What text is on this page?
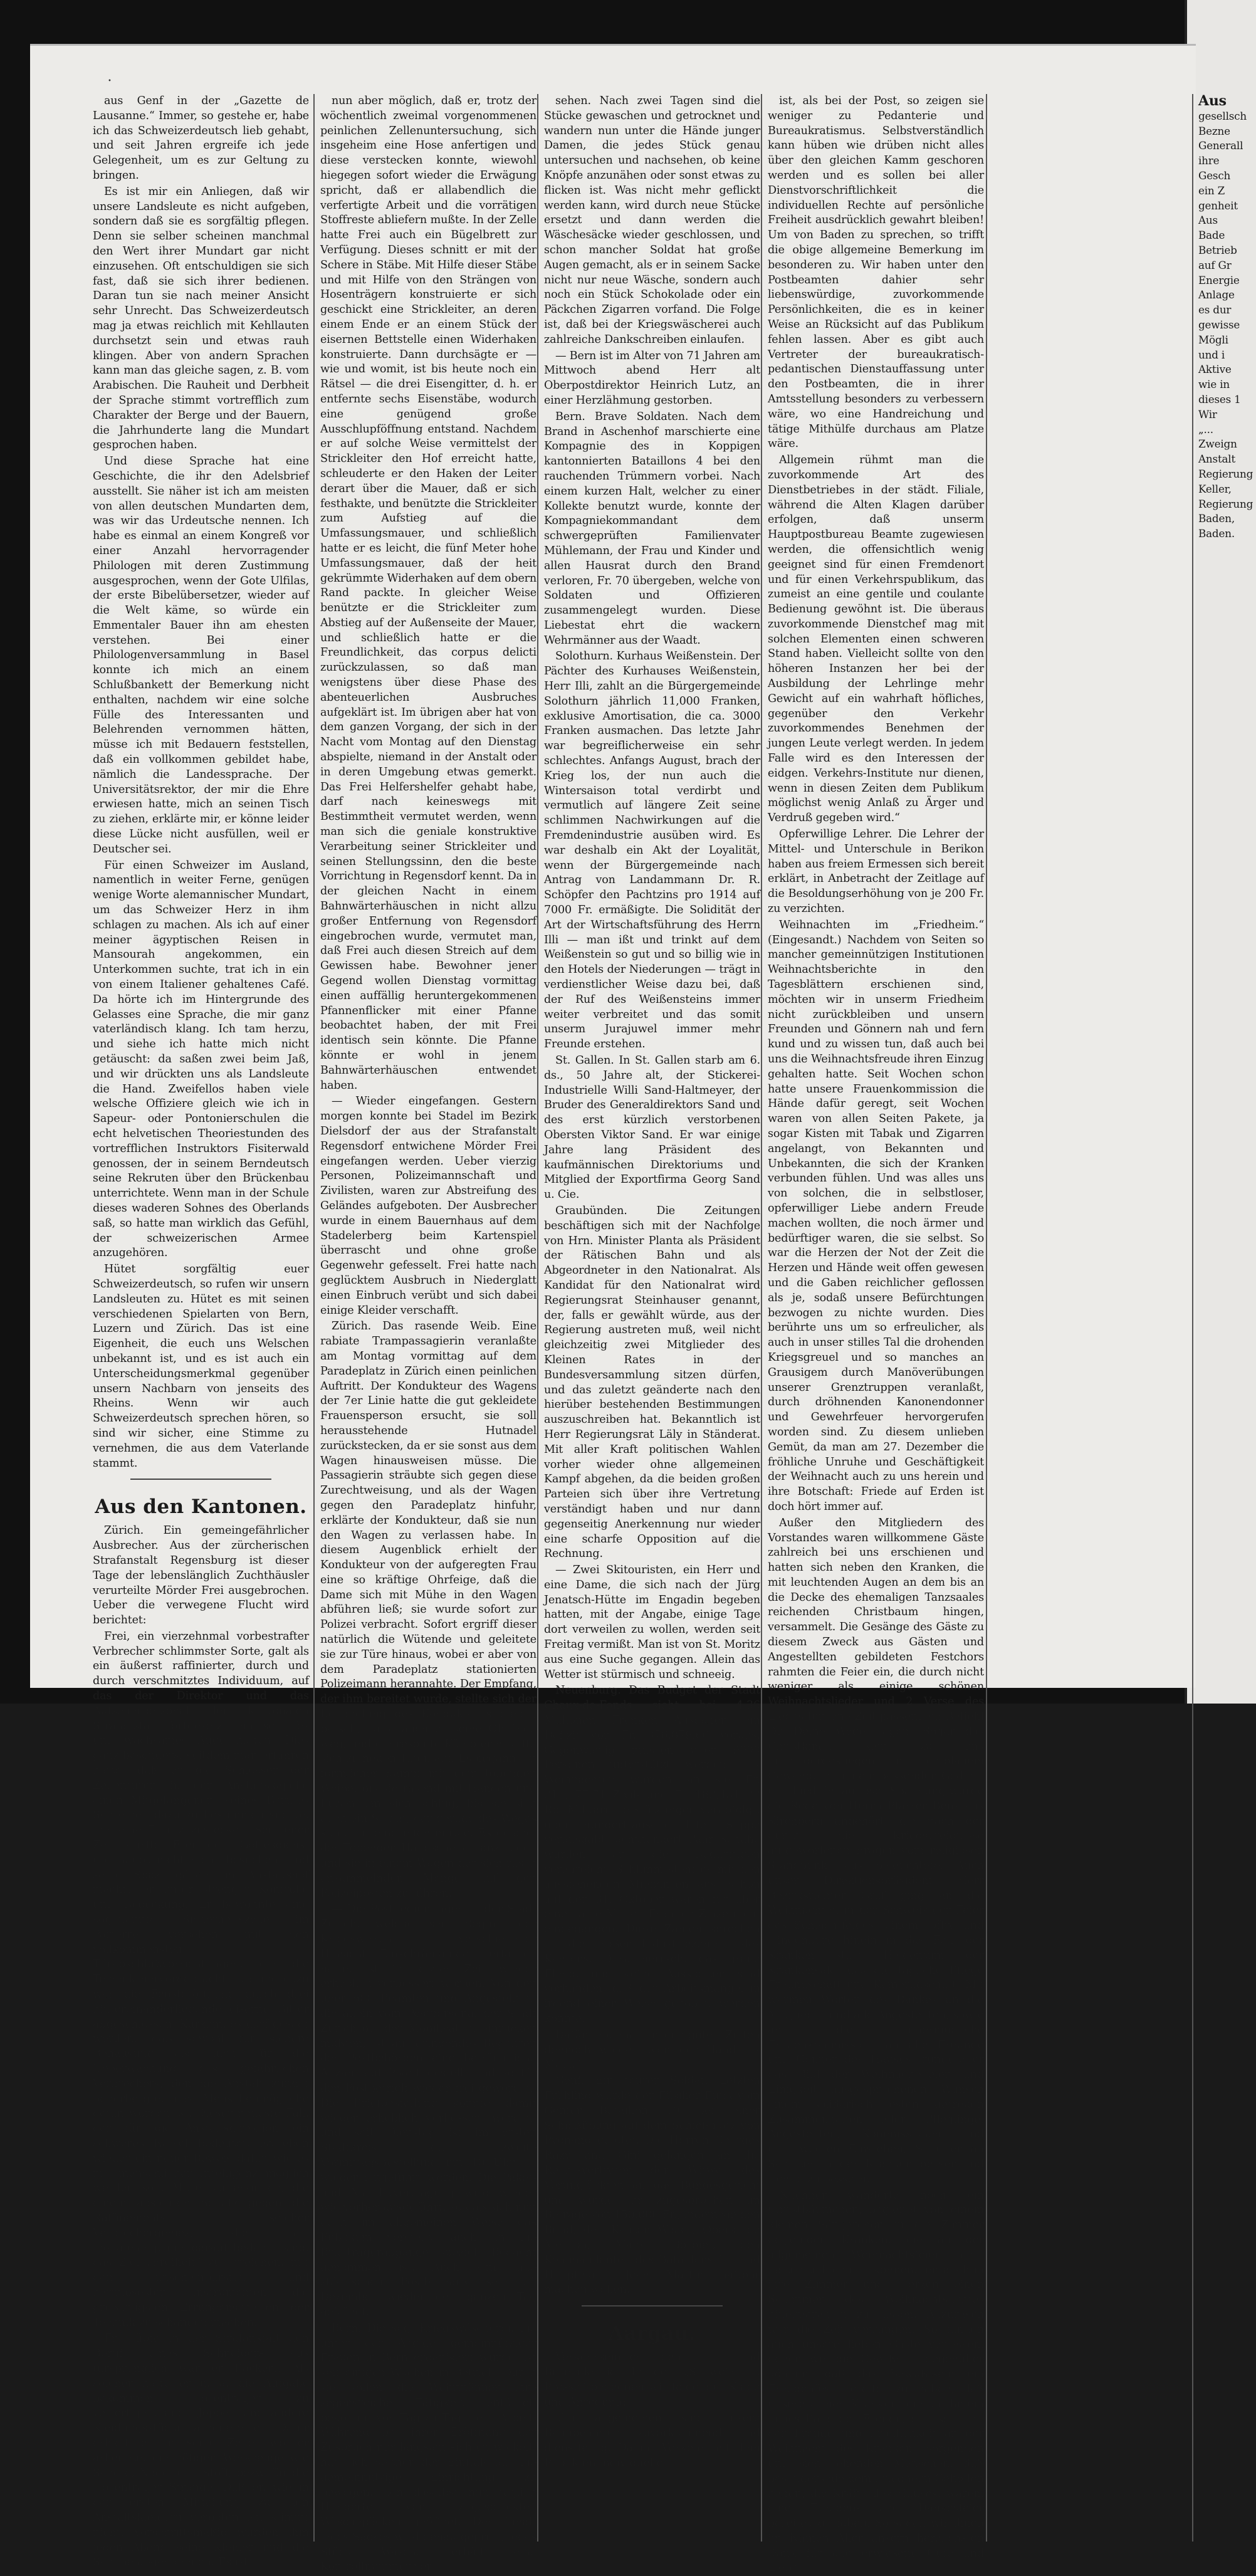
•

aus Genf in der „Gazette de Lausanne.“ Immer, so gestehe er, habe ich das Schweizerdeutsch lieb gehabt, und seit Jahren ergreife ich jede Gelegenheit, um es zur Geltung zu bringen.

Es ist mir ein Anliegen, daß wir unsere Landsleute es nicht aufgeben, sondern daß sie es sorgfältig pflegen. Denn sie selber scheinen manchmal den Wert ihrer Mundart gar nicht einzusehen. Oft entschuldigen sie sich fast, daß sie sich ihrer bedienen. Daran tun sie nach meiner Ansicht sehr Unrecht. Das Schweizerdeutsch mag ja etwas reichlich mit Kehllauten durchsetzt sein und etwas rauh klingen. Aber von andern Sprachen kann man das gleiche sagen, z. B. vom Arabischen. Die Rauheit und Derbheit der Sprache stimmt vortrefflich zum Charakter der Berge und der Bauern, die Jahrhunderte lang die Mundart gesprochen haben.

Und diese Sprache hat eine Geschichte, die ihr den Adelsbrief ausstellt. Sie näher ist ich am meisten von allen deutschen Mundarten dem, was wir das Urdeutsche nennen. Ich habe es einmal an einem Kongreß vor einer Anzahl hervorragender Philologen mit deren Zustimmung ausgesprochen, wenn der Gote Ulfilas, der erste Bibelübersetzer, wieder auf die Welt käme, so würde ein Emmentaler Bauer ihn am ehesten verstehen. Bei einer Philologenversammlung in Basel konnte ich mich an einem Schlußbankett der Bemerkung nicht enthalten, nachdem wir eine solche Fülle des Interessanten und Belehrenden vernommen hätten, müsse ich mit Bedauern feststellen, daß ein vollkommen gebildet habe, nämlich die Landessprache. Der Universitätsrektor, der mir die Ehre erwiesen hatte, mich an seinen Tisch zu ziehen, erklärte mir, er könne leider diese Lücke nicht ausfüllen, weil er Deutscher sei.

Für einen Schweizer im Ausland, namentlich in weiter Ferne, genügen wenige Worte alemannischer Mundart, um das Schweizer Herz in ihm schlagen zu machen. Als ich auf einer meiner ägyptischen Reisen in Mansourah angekommen, ein Unterkommen suchte, trat ich in ein von einem Italiener gehaltenes Café. Da hörte ich im Hintergrunde des Gelasses eine Sprache, die mir ganz vaterländisch klang. Ich tam herzu, und siehe ich hatte mich nicht getäuscht: da saßen zwei beim Jaß, und wir drückten uns als Landsleute die Hand. Zweifellos haben viele welsche Offiziere gleich wie ich in Sapeur- oder Pontonierschulen die echt helvetischen Theoriestunden des vortrefflichen Instruktors Fisiterwald genossen, der in seinem Berndeutsch seine Rekruten über den Brückenbau unterrichtete. Wenn man in der Schule dieses waderen Sohnes des Oberlands saß, so hatte man wirklich das Gefühl, der schweizerischen Armee anzugehören.

Hütet sorgfältig euer Schweizerdeutsch, so rufen wir unsern Landsleuten zu. Hütet es mit seinen verschiedenen Spielarten von Bern, Luzern und Zürich. Das ist eine Eigenheit, die euch uns Welschen unbekannt ist, und es ist auch ein Unterscheidungsmerkmal gegenüber unsern Nachbarn von jenseits des Rheins. Wenn wir auch Schweizerdeutsch sprechen hören, so sind wir sicher, eine Stimme zu vernehmen, die aus dem Vaterlande stammt.

Aus den Kantonen.

Zürich. Ein gemeingefährlicher Ausbrecher. Aus der zürcherischen Strafanstalt Regensburg ist dieser Tage der lebenslänglich Zuchthäusler verurteilte Mörder Frei ausgebrochen. Ueber die verwegene Flucht wird berichtet:

Frei, ein vierzehnmal vorbestrafter Verbrecher schlimmster Sorte, galt als ein äußerst raffinierter, durch und durch verschmitztes Individuum, auf das der Direktor und das Aufseherpersonal der kantonalen Strafanstalt fortgesetzt ein scharfes und wachsames Auge hatten. Dies ganz besonders, seitdem man erfahren hatte, daß er die Schlösser der Zellentüren in der Anstaltskapelle einen Mitgefangenen, seines Berufes Schreiner, dazu zu bestimmen suchte, ihm eine Feile zuzustecken. Seit jener Zeit durfte Frei den Gottesdienst überhaupt nicht mehr besuchen, und seine Spaziergänge im Anstaltshof machte er unter strenger Kontrolle und Bedeckung. Er bewohnte eine sogenannte Sicherheitszelle im Parterre, versehen mit den vollkommensten Türabschlußvorrichtungen, die die Technik hervorgebracht hat; und dazu war die Fensteröffnung durch drei hintereinanderliegende eiserne Gitter abgeschlossen. Kurzum, es darf gesagt werden, daß sowohl für sichere Behausung als auch für die Ueberwachung des gefährlichen Verbrechers, den die Anstalt zurzeit beherbergte, das Menschenmögliche getan worden ist. Dieser neueste Fall, der für die Anstaltsdirektion ein schweres Rätsel bedeutet, ist eben wieder ein neuer Beweis dafür, wie es mit menschlicher Intelligenz möglich werden soll, Mittel zu ersinnen, die einem absoluten Schutz gegen die Raffinements solcher Verbrechergenies, die hart monatelang, nur darauf bedacht sind, das Ziel „Freiheit“ zu erreichen, mit den unscheinbarsten und harmlosesten Instrumenten die großartigsten Errungenschaften der Technik zu schanden machen.

Frei übte in der Strafanstalt den Beruf eines Schneiders aus (ursprünglich war er Bäcker). Als solcher hatte er u. a. die Aufgabe bekommen, Hosenträger zu verfertigen; auch Joppen und andere Kleidungsstücke arbeitete er. Dafür erhielt er in seine Zelle, wo er arbeitete, die nötigen Werkzeuge wie Schere, Nadel und Stoff, bezw. für die Hosenträger Stränge. Daß er, wie in der ersten Mitteilung zu den Anstaltskleidern verboten ist, stimmt nicht. Vorschriftsmäßig wurden ihm jeden Abend seine Kleider und die Schuhe abgenommen. Es ist

nun aber möglich, daß er, trotz der wöchentlich zweimal vorgenommenen peinlichen Zellenuntersuchung, sich insgeheim eine Hose anfertigen und diese verstecken konnte, wiewohl hiegegen sofort wieder die Erwägung spricht, daß er allabendlich die verfertigte Arbeit und die vorrätigen Stoffreste abliefern mußte. In der Zelle hatte Frei auch ein Bügelbrett zur Verfügung. Dieses schnitt er mit der Schere in Stäbe. Mit Hilfe dieser Stäbe und mit Hilfe von den Strängen von Hosenträgern konstruierte er sich geschickt eine Strickleiter, an deren einem Ende er an einem Stück der eisernen Bettstelle einen Widerhaken konstruierte. Dann durchsägte er — wie und womit, ist bis heute noch ein Rätsel — die drei Eisengitter, d. h. er entfernte sechs Eisenstäbe, wodurch eine genügend große Ausschlupföffnung entstand. Nachdem er auf solche Weise vermittelst der Strickleiter den Hof erreicht hatte, schleuderte er den Haken der Leiter derart über die Mauer, daß er sich festhakte, und benützte die Strickleiter zum Aufstieg auf die Umfassungsmauer, und schließlich hatte er es leicht, die fünf Meter hohe Umfassungsmauer, daß der heit gekrümmte Widerhaken auf dem obern Rand packte. In gleicher Weise benützte er die Strickleiter zum Abstieg auf der Außenseite der Mauer, und schließlich hatte er die Freundlichkeit, das corpus delicti zurückzulassen, so daß man wenigstens über diese Phase des abenteuerlichen Ausbruches aufgeklärt ist. Im übrigen aber hat von dem ganzen Vorgang, der sich in der Nacht vom Montag auf den Dienstag abspielte, niemand in der Anstalt oder in deren Umgebung etwas gemerkt. Das Frei Helfershelfer gehabt habe, darf nach keineswegs mit Bestimmtheit vermutet werden, wenn man sich die geniale konstruktive Verarbeitung seiner Strickleiter und seinen Stellungssinn, den die beste Vorrichtung in Regensdorf kennt. Da in der gleichen Nacht in einem Bahnwärterhäuschen in nicht allzu großer Entfernung von Regensdorf eingebrochen wurde, vermutet man, daß Frei auch diesen Streich auf dem Gewissen habe. Bewohner jener Gegend wollen Dienstag vormittag einen auffällig heruntergekommenen Pfannenflicker mit einer Pfanne beobachtet haben, der mit Frei identisch sein könnte. Die Pfanne könnte er wohl in jenem Bahnwärterhäuschen entwendet haben.

— Wieder eingefangen. Gestern morgen konnte bei Stadel im Bezirk Dielsdorf der aus der Strafanstalt Regensdorf entwichene Mörder Frei eingefangen werden. Ueber vierzig Personen, Polizeimannschaft und Zivilisten, waren zur Abstreifung des Geländes aufgeboten. Der Ausbrecher wurde in einem Bauernhaus auf dem Stadelerberg beim Kartenspiel überrascht und ohne große Gegenwehr gefesselt. Frei hatte nach geglücktem Ausbruch in Niederglatt einen Einbruch verübt und sich dabei einige Kleider verschafft.

Zürich. Das rasende Weib. Eine rabiate Trampassagierin veranlaßte am Montag vormittag auf dem Paradeplatz in Zürich einen peinlichen Auftritt. Der Kondukteur des Wagens der 7er Linie hatte die gut gekleidete Frauensperson ersucht, sie soll herausstehende Hutnadel zurückstecken, da er sie sonst aus dem Wagen hinausweisen müsse. Die Passagierin sträubte sich gegen diese Zurechtweisung, und als der Wagen gegen den Paradeplatz hinfuhr, erklärte der Kondukteur, daß sie nun den Wagen zu verlassen habe. In diesem Augenblick erhielt der Kondukteur von der aufgeregten Frau eine so kräftige Ohrfeige, daß die Dame sich mit Mühe in den Wagen abführen ließ; sie wurde sofort zur Polizei verbracht. Sofort ergriff dieser natürlich die Wütende und geleitete sie zur Türe hinaus, wobei er aber von dem Paradeplatz stationierten Polizeimann herannahte. Der Empfang, der ihm bereitet wurde, stellte sich der Behandlung des Kondukteurs gleich; patsch, hatte auch er seine Ohrfeige weg, und die resolute Kämpferin raffte sich zu neuen Taten auf. Es begann ein förmlicher Kampf mit dem tobenden Weibe, bis sie rasend mit Händen und Füßen um sich schlug, bis sie sich auch ein Soldat, der gerade des Weges kam, mit eingreifen mußte. Es gelang, der Tobenden Handschellen anzulegen und sie in einem Wagen der sich rasch ansammelnden Menge auf den Polizeiposten zu führen.

— Die Postbedienungen in der Stadt Zürich, welche seit Beginn der Kriegswirren in verschiedener Hinsicht Einschränkungen erfahren hatte, ist in letzter Zeit wieder erheblich verbessert worden. Von den über 500 Beamten und Angestellten, die allein vom Postpersonal der Stadt Zürich bei der Mobilisation einrücken mußten, ist auf dringendes Begehren der Postbehörden eine beträchtliche Anzahl auf Pikett gestellt und so für den Postbetrieb wieder frei geworden. Die Briefbestellung konnte damit wieder erheblich verbessert werden, und seit Dienstag ist im ersten Stadtkreis die zweite Vormittagsbestellung um 10 Uhr 30 wieder eingeführt worden. Die Paket- und Mandatvertragung wird wieder wie vorher ausgeführt, so daß sich nun auch im allgemeinen Weise das Publikum verstellt; auch an die Briefträgerabgänge speziell Bedacht genommen ist. Auch sind alle städtischen Postbureaux seit 21 Dezember wieder den ganzen Tag geöffnet.

Bern. Die sog. Kriegswäscherei, die unter der Aegide gemeinnütziger Frauen in Bern organisiert wurde, ist seit einigen Wochen in Betrieb. Durch sie sollen die Wehrmänner ihre segensreiche Tätigkeit entfaltet, bekommt von Tag zu Tag mehr Arbeit. Während bei ihrer Eröffnung der Zuspruch nur langsam sich entwickelt, hat sich seither der Einfluß auf die gemeinnützige Einrichtung zu bewegen, den daselbst nun täglich Hunderte von zugeschickten Wäschepäcken geöffnet. Der Inhalt jedes Sackes wird genau geprüft, jedes Stück Wäsche erhält eine Kontrollnummer ver-

sehen. Nach zwei Tagen sind die Stücke gewaschen und getrocknet und wandern nun unter die Hände junger Damen, die jedes Stück genau untersuchen und nachsehen, ob keine Knöpfe anzunähen oder sonst etwas zu flicken ist. Was nicht mehr geflickt werden kann, wird durch neue Stücke ersetzt und dann werden die Wäschesäcke wieder geschlossen, und schon mancher Soldat hat große Augen gemacht, als er in seinem Sacke nicht nur neue Wäsche, sondern auch noch ein Stück Schokolade oder ein Päckchen Zigarren vorfand. Die Folge ist, daß bei der Kriegswäscherei auch zahlreiche Dankschreiben einlaufen.

— Bern ist im Alter von 71 Jahren am Mittwoch abend Herr alt Oberpostdirektor Heinrich Lutz, an einer Herzlähmung gestorben.

Bern. Brave Soldaten. Nach dem Brand in Aschenhof marschierte eine Kompagnie des in Koppigen kantonnierten Bataillons 4 bei den rauchenden Trümmern vorbei. Nach einem kurzen Halt, welcher zu einer Kollekte benutzt wurde, konnte der Kompagniekommandant dem schwergeprüften Familienvater Mühlemann, der Frau und Kinder und allen Hausrat durch den Brand verloren, Fr. 70 übergeben, welche von Soldaten und Offizieren zusammengelegt wurden. Diese Liebestat ehrt die wackern Wehrmänner aus der Waadt.

Solothurn. Kurhaus Weißenstein. Der Pächter des Kurhauses Weißenstein, Herr Illi, zahlt an die Bürgergemeinde Solothurn jährlich 11,000 Franken, exklusive Amortisation, die ca. 3000 Franken ausmachen. Das letzte Jahr war begreiflicherweise ein sehr schlechtes. Anfangs August, brach der Krieg los, der nun auch die Wintersaison total verdirbt und vermutlich auf längere Zeit seine schlimmen Nachwirkungen auf die Fremdenindustrie ausüben wird. Es war deshalb ein Akt der Loyalität, wenn der Bürgergemeinde nach Antrag von Landammann Dr. R. Schöpfer den Pachtzins pro 1914 auf 7000 Fr. ermäßigte. Die Solidität der Art der Wirtschaftsführung des Herrn Illi — man ißt und trinkt auf dem Weißenstein so gut und so billig wie in den Hotels der Niederungen — trägt in verdienstlicher Weise dazu bei, daß der Ruf des Weißensteins immer weiter verbreitet und das somit unserm Jurajuwel immer mehr Freunde erstehen.

St. Gallen. In St. Gallen starb am 6. ds., 50 Jahre alt, der Stickerei-Industrielle Willi Sand-Haltmeyer, der Bruder des Generaldirektors Sand und des erst kürzlich verstorbenen Obersten Viktor Sand. Er war einige Jahre lang Präsident des kaufmännischen Direktoriums und Mitglied der Exportfirma Georg Sand u. Cie.

Graubünden. Die Zeitungen beschäftigen sich mit der Nachfolge von Hrn. Minister Planta als Präsident der Rätischen Bahn und als Abgeordneter in den Nationalrat. Als Kandidat für den Nationalrat wird Regierungsrat Steinhauser genannt, der, falls er gewählt würde, aus der Regierung austreten muß, weil nicht gleichzeitig zwei Mitglieder des Kleinen Rates in der Bundesversammlung sitzen dürfen, und das zuletzt geänderte nach den hierüber bestehenden Bestimmungen auszuschreiben hat. Bekanntlich ist Herr Regierungsrat Läly in Ständerat. Mit aller Kraft politischen Wahlen vorher wieder ohne allgemeinen Kampf abgehen, da die beiden großen Parteien sich über ihre Vertretung verständigt haben und nur dann gegenseitig Anerkennung nur wieder eine scharfe Opposition auf die Rechnung.

— Zwei Skitouristen, ein Herr und eine Dame, die sich nach der Jürg Jenatsch-Hütte im Engadin begeben hatten, mit der Angabe, einige Tage dort verweilen zu wollen, werden seit Freitag vermißt. Man ist von St. Moritz aus eine Suche gegangen. Allein das Wetter ist stürmisch und schneeig.

Neuenburg. Das Budget der Stadt Chaux-de-Fonds sieht bei 4,36 Millionen Franken Ausgaben ein Defizit von Fr. 376,879.60 voraus. Gegenwärtig müssen über 9000 Personen unterstützt werden; bis Weihnachten wurden an sie Fr. 214,277.71 Zivil- und Fr. 182,431 22 Rp. Militärunterstützungen verabfolgt; über hunderttausend Liter Suppe verausgabt; achthundert Paar Schuhe wurden an die Bedürftigen verabreicht. Schlimm steht es mit den ausstehenden Mietzinsen aus; schon auf den 31. Oktober waren für über eine halbe Million Franken Zinse nicht eingegangen. Diese Zahlen sprechen für die großen Industriezentren des Kantons. Dura herrscht das graue Elend, und keine Aussichten sind vorhanden, daß der Arbeitsmangel in irgend einer Weise gehoben werden könnte.

Dafür lebt man in der guten Zeiten dennoch wieder „von der Hand ins Maul.“

Genf. Ein teurer Soldat. Letzten Frühling wurde der Füsilier Funk vom Genfer Bataillon 10 bei einer Schießübung auf dem Schießplatz von Pyonand getötet. Die Herren Georges Razy und Gini gelangen an die Rechtsvertreter der Witwe des Verunglückten an das Bundesgericht und wurde ihr zugesprochen im Betrage von 150,000 Fr., indem sie den Bund, den Kanton Waadt, Oberst de Meuron, Major Borbier, den Kommandanten des Bataillons 10, und Hauptmann Jean Martin haftbar machen wollen.

Aargau.

Verkehrseinrichtungen und Bureaukratie. In der „Schweiz. fr. Presse“ begegnen wir folgender Klage und Anregung:

„Im allgemeinen sind unsere Bahnbeamten zuvorkommend und dienstfertig. Da ihr Verkehr mit dem Publikum individueller

ist, als bei der Post, so zeigen sie weniger zu Pedanterie und Bureaukratismus. Selbstverständlich kann hüben wie drüben nicht alles über den gleichen Kamm geschoren werden und es sollen bei aller Dienstvorschriftlichkeit die individuellen Rechte auf persönliche Freiheit ausdrücklich gewahrt bleiben! Um von Baden zu sprechen, so trifft die obige allgemeine Bemerkung im besonderen zu. Wir haben unter den Postbeamten dahier sehr liebenswürdige, zuvorkommende Persönlichkeiten, die es in keiner Weise an Rücksicht auf das Publikum fehlen lassen. Aber es gibt auch Vertreter der bureaukratisch-pedantischen Dienstauffassung unter den Postbeamten, die in ihrer Amtsstellung besonders zu verbessern wäre, wo eine Handreichung und tätige Mithülfe durchaus am Platze wäre.

Allgemein rühmt man die zuvorkommende Art des Dienstbetriebes in der städt. Filiale, während die Alten Klagen darüber erfolgen, daß unserm Hauptpostbureau Beamte zugewiesen werden, die offensichtlich wenig geeignet sind für einen Fremdenort und für einen Verkehrspublikum, das zumeist an eine gentile und coulante Bedienung gewöhnt ist. Die überaus zuvorkommende Dienstchef mag mit solchen Elementen einen schweren Stand haben. Vielleicht sollte von den höheren Instanzen her bei der Ausbildung der Lehrlinge mehr Gewicht auf ein wahrhaft höfliches, gegenüber den Verkehr zuvorkommendes Benehmen der jungen Leute verlegt werden. In jedem Falle wird es den Interessen der eidgen. Verkehrs-Institute nur dienen, wenn in diesen Zeiten dem Publikum möglichst wenig Anlaß zu Ärger und Verdruß gegeben wird.“

Opferwillige Lehrer. Die Lehrer der Mittel- und Unterschule in Berikon haben aus freiem Ermessen sich bereit erklärt, in Anbetracht der Zeitlage auf die Besoldungserhöhung von je 200 Fr. zu verzichten.

Weihnachten im „Friedheim.“ (Eingesandt.) Nachdem von Seiten so mancher gemeinnützigen Institutionen Weihnachtsberichte in den Tagesblättern erschienen sind, möchten wir in unserm Friedheim nicht zurückbleiben und unsern Freunden und Gönnern nah und fern kund und zu wissen tun, daß auch bei uns die Weihnachtsfreude ihren Einzug gehalten hatte. Seit Wochen schon hatte unsere Frauenkommission die Hände dafür geregt, seit Wochen waren von allen Seiten Pakete, ja sogar Kisten mit Tabak und Zigarren angelangt, von Bekannten und Unbekannten, die sich der Kranken verbunden fühlen. Und was alles uns von solchen, die in selbstloser, opferwilliger Liebe andern Freude machen wollten, die noch ärmer und bedürftiger waren, die sie selbst. So war die Herzen der Not der Zeit die Herzen und Hände weit offen gewesen und die Gaben reichlicher geflossen als je, sodaß unsere Befürchtungen bezwogen zu nichte wurden. Dies berührte uns um so erfreulicher, als auch in unser stilles Tal die drohenden Kriegsgreuel und so manches an Grausigem durch Manöverübungen unserer Grenztruppen veranlaßt, durch dröhnenden Kanonendonner und Gewehrfeuer hervorgerufen worden sind. Zu diesem unlieben Gemüt, da man am 27. Dezember die fröhliche Unruhe und Geschäftigkeit der Weihnacht auch zu uns herein und ihre Botschaft: Friede auf Erden ist doch hört immer auf.

Außer den Mitgliedern des Vorstandes waren willkommene Gäste zahlreich bei uns erschienen und hatten sich neben den Kranken, die mit leuchtenden Augen an dem bis an die Decke des ehemaligen Tanzsaales reichenden Christbaum hingen, versammelt. Die Gesänge des Gäste zu diesem Zweck aus Gästen und Angestellten gebildeten Festchors rahmten die Feier ein, die durch nicht weniger als einige schönen Weihnachtslieder und 2 Verse des Liedes für jene Zeit passenden: Befiehl Du Deine Wege, lagen. Sogar das Christkindli kam zu uns herniedergestiegen in lichtblauem Gewand, mit einem passenden Gedicht und Lied. In lautloser Spannung wurde die Rede von Herrn Pfarrer Benz aus Kirchberg angehört, die nach der durch die Kriegsereignisse aufgeworfenen Fragen vom religiösen Standpunkt aus beleuchtete. Auch unser Direktionspräsident Herr Bezirksrichter Graf ging an die Weihnachten in der Schweiz der Feier des Schlachtfeldes, einem Joffre und Hindenburg hinein in das Feld der Kranken stille Heldentum der Krankensäle, das die tägliche Pflege Freundschaft und Kameradschaft. Mit warmen Worten des Dankes an die Mitglieder und alle Angestellten, sowie an die unermüdliche Frauenkommission, an alle Freunde und Gönner des Hauses, rundete er das Bild der Weihnachtsfeier, und Einigkeit ausgesprochenen Wunsch einem solidarisch festen, getreuen Zusammenhalten aller, Pfleglinge, Angestellten, Kommissionen und unentwegten Einstehen, Schulter an Schulter in der Kranken besser und richtig zu bessern.

Nachher wanderte noch ein Christbäumchen, begleitet von einem kleinen Sängerchor, in die Zimmer derjenigen Kranken, die an der allgemeinen Weihnachtsfeier nicht hatten teilnehmen können, um auch in ihre Zimmer und Herzen einen Schimmer des Weihnachtslichtes hineinstrahlen zu lassen. Allzurasch war die Zeit vergangen. So fanden auch unsere lieben Gäste verlassen, denen wir die Gewißheit gegenüber können, daß das Bewußtsein ein Freudenfest bereitet zu haben, daß unsere armen Kranken, die an ihr ein neues Band der Freude, gemischt mit der Freude und Fröhlichkeit an der Weihnacht des Kranken, sorgenden und sich sehenden Menschen, daß besonders die dem Friedheim Geholfen haben, die Kräfte des Hauses, waren, eine Freuden- und Dankesfeier bereitet zu haben. So sagen wir ihnen im Namen Aller unsern herzlichsten Dank für alle erwiesene Güte und Liebe.

Aus
gesellsch
Bezne
Generall
ihre Gesch
ein Z
genheit
Aus
Bade
Betrieb
auf Gr
Energie
Anlage
es dur
gewisse
Mögli
und i
Aktive
wie in
dieses 1
Wir
„...
Zweign
Anstalt
Regierung
Keller,
Regierung
Baden,
Baden.
